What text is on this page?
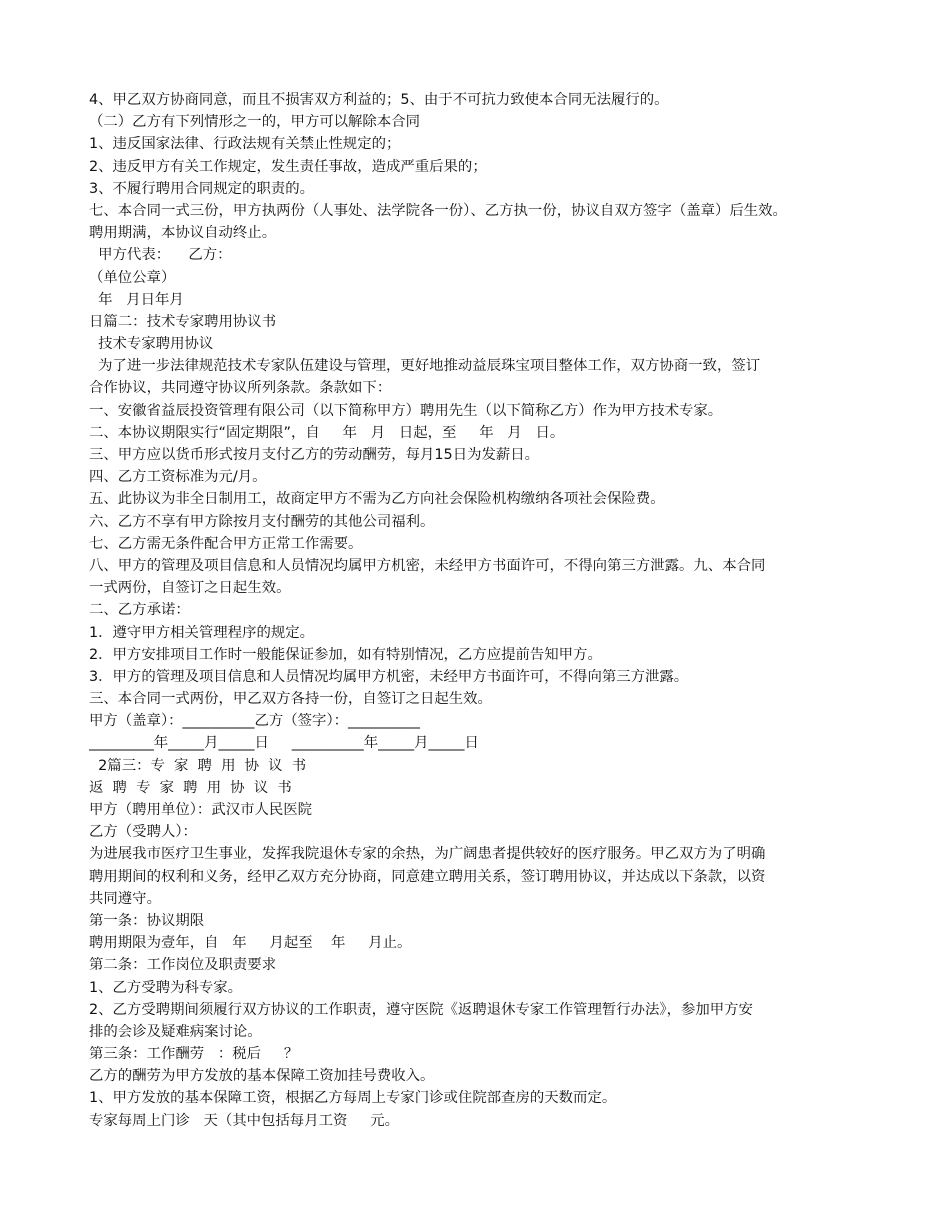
4、甲乙双方协商同意，而且不损害双方利益的；5、由于不可抗力致使本合同无法履行的。
（二）乙方有下列情形之一的，甲方可以解除本合同
1、违反国家法律、行政法规有关禁止性规定的；
2、违反甲方有关工作规定，发生责任事故，造成严重后果的；
3、不履行聘用合同规定的职责的。
七、本合同一式三份，甲方执两份（人事处、法学院各一份）、乙方执一份，协议自双方签字（盖章）后生效。
聘用期满，本协议自动终止。
甲方代表：    乙方：
（单位公章）
年   月日年月
日篇二：技术专家聘用协议书
技术专家聘用协议
为了进一步法律规范技术专家队伍建设与管理，更好地推动益辰珠宝项目整体工作，双方协商一致，签订
合作协议，共同遵守协议所列条款。条款如下：
一、安徽省益辰投资管理有限公司（以下简称甲方）聘用先生（以下简称乙方）作为甲方技术专家。
二、本协议期限实行“固定期限”，自     年   月   日起，至     年   月   日。
三、甲方应以货币形式按月支付乙方的劳动酬劳，每月15日为发薪日。
四、乙方工资标准为元/月。
五、此协议为非全日制用工，故商定甲方不需为乙方向社会保险机构缴纳各项社会保险费。
六、乙方不享有甲方除按月支付酬劳的其他公司福利。
七、乙方需无条件配合甲方正常工作需要。
八、甲方的管理及项目信息和人员情况均属甲方机密，未经甲方书面许可，不得向第三方泄露。九、本合同
一式两份，自签订之日起生效。
二、乙方承诺：
1．遵守甲方相关管理程序的规定。
2．甲方安排项目工作时一般能保证参加，如有特别情况，乙方应提前告知甲方。
3．甲方的管理及项目信息和人员情况均属甲方机密，未经甲方书面许可，不得向第三方泄露。
三、本合同一式两份，甲乙双方各持一份，自签订之日起生效。
甲方（盖章）：__________乙方（签字）：__________
_________年_____月_____日     __________年_____月_____日
2篇三：专  家  聘  用  协  议  书
返  聘  专  家  聘  用  协  议  书
甲方（聘用单位）：武汉市人民医院
乙方（受聘人）：
为进展我市医疗卫生事业，发挥我院退休专家的余热，为广阔患者提供较好的医疗服务。甲乙双方为了明确
聘用期间的权利和义务，经甲乙双方充分协商，同意建立聘用关系，签订聘用协议，并达成以下条款，以资
共同遵守。
第一条：协议期限
聘用期限为壹年，自   年     月起至    年     月止。
第二条：工作岗位及职责要求
1、乙方受聘为科专家。
2、乙方受聘期间须履行双方协议的工作职责，遵守医院《返聘退休专家工作管理暂行办法》，参加甲方安
排的会诊及疑难病案讨论。
第三条：工作酬劳   ：税后     ？
乙方的酬劳为甲方发放的基本保障工资加挂号费收入。
1、甲方发放的基本保障工资，根据乙方每周上专家门诊或住院部查房的天数而定。
专家每周上门诊   天（其中包括每月工资     元。
